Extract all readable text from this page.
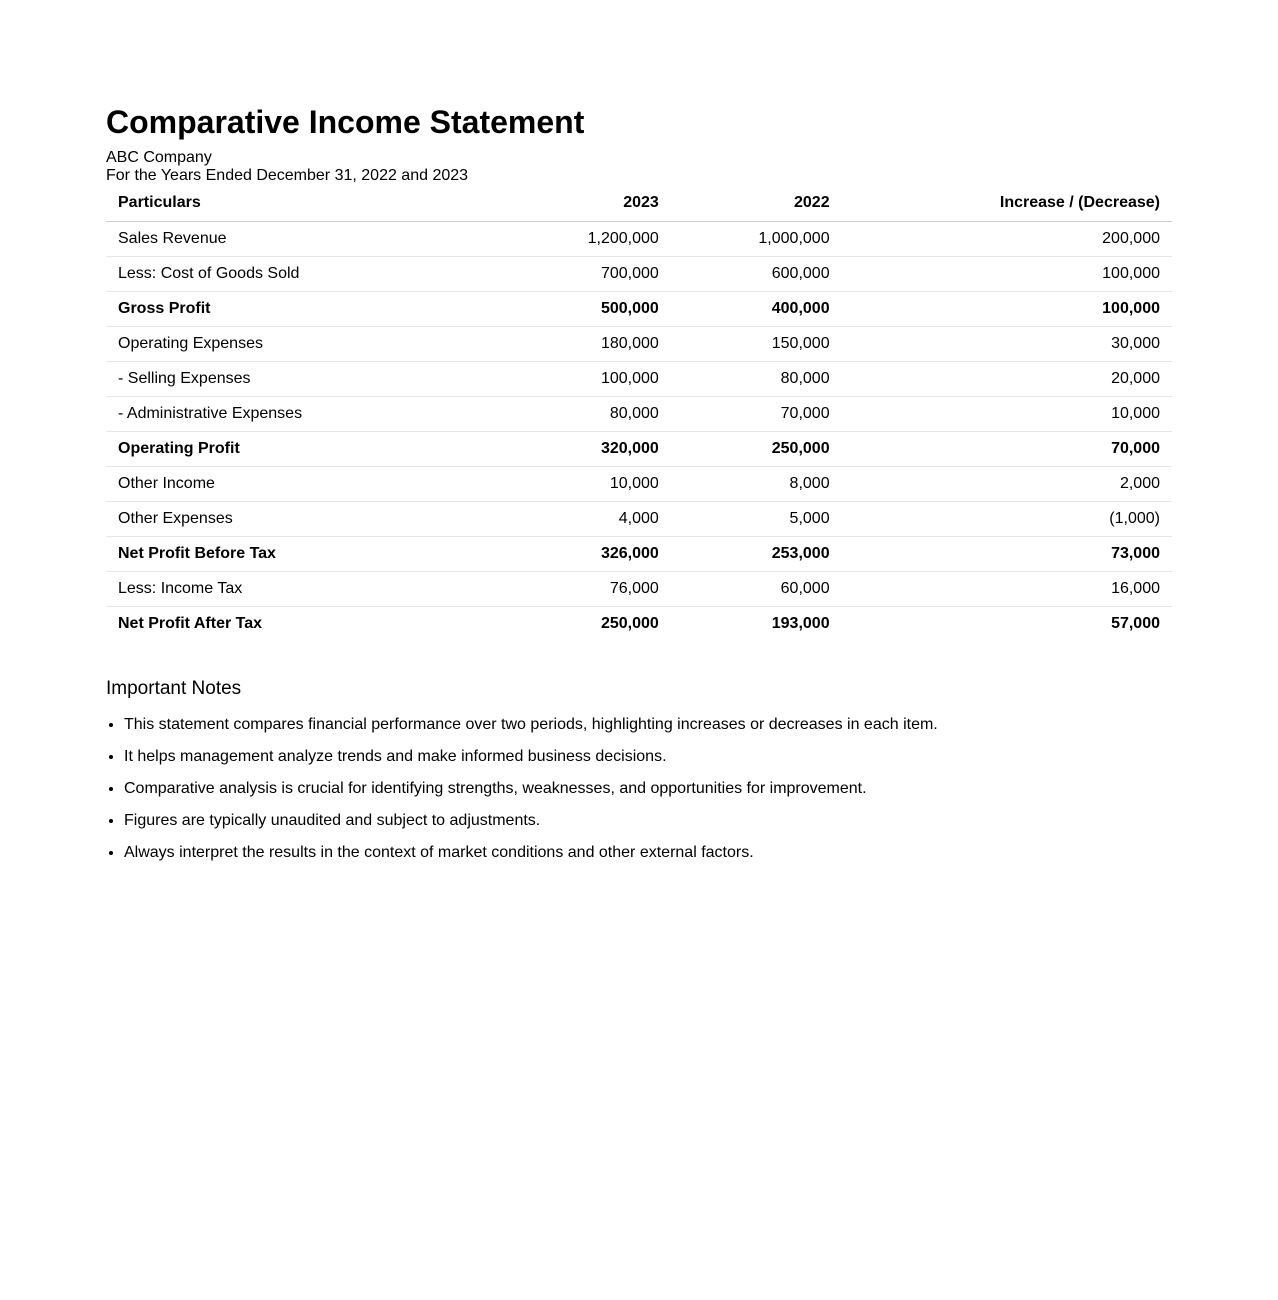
Comparative Income Statement
ABC Company
For the Years Ended December 31, 2022 and 2023
Particulars	2023	2022	Increase / (Decrease)
Sales Revenue	1,200,000	1,000,000	200,000
Less: Cost of Goods Sold	700,000	600,000	100,000
Gross Profit	500,000	400,000	100,000
Operating Expenses	180,000	150,000	30,000
- Selling Expenses	100,000	80,000	20,000
- Administrative Expenses	80,000	70,000	10,000
Operating Profit	320,000	250,000	70,000
Other Income	10,000	8,000	2,000
Other Expenses	4,000	5,000	(1,000)
Net Profit Before Tax	326,000	253,000	73,000
Less: Income Tax	76,000	60,000	16,000
Net Profit After Tax	250,000	193,000	57,000
Important Notes
• This statement compares financial performance over two periods, highlighting increases or decreases in each item.
• It helps management analyze trends and make informed business decisions.
• Comparative analysis is crucial for identifying strengths, weaknesses, and opportunities for improvement.
• Figures are typically unaudited and subject to adjustments.
• Always interpret the results in the context of market conditions and other external factors.
